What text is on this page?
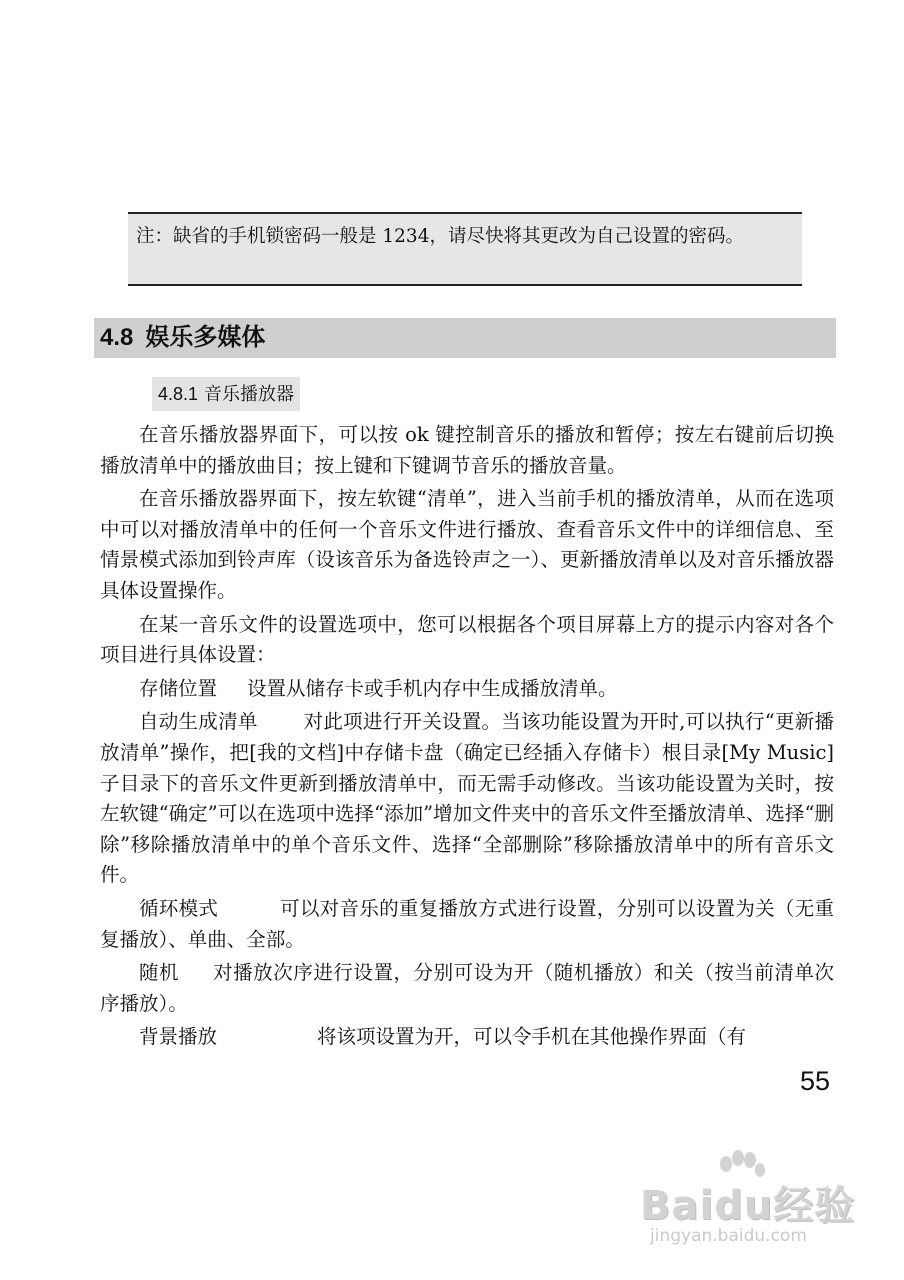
注：缺省的手机锁密码一般是 1234，请尽快将其更改为自己设置的密码。
4.8 娱乐多媒体
4.8.1 音乐播放器

在音乐播放器界面下，可以按 ok 键控制音乐的播放和暂停；按左右键前后切换播放清单中的播放曲目；按上键和下键调节音乐的播放音量。

在音乐播放器界面下，按左软键“清单”，进入当前手机的播放清单，从而在选项中可以对播放清单中的任何一个音乐文件进行播放、查看音乐文件中的详细信息、至情景模式添加到铃声库（设该音乐为备选铃声之一）、更新播放清单以及对音乐播放器具体设置操作。

在某一音乐文件的设置选项中，您可以根据各个项目屏幕上方的提示内容对各个项目进行具体设置：

存储位置 设置从储存卡或手机内存中生成播放清单。

自动生成清单 对此项进行开关设置。当该功能设置为开时,可以执行“更新播放清单”操作，把[我的文档]中存储卡盘（确定已经插入存储卡）根目录[My Music]子目录下的音乐文件更新到播放清单中，而无需手动修改。当该功能设置为关时，按左软键“确定”可以在选项中选择“添加”增加文件夹中的音乐文件至播放清单、选择“删除”移除播放清单中的单个音乐文件、选择“全部删除”移除播放清单中的所有音乐文件。

循环模式	可以对音乐的重复播放方式进行设置，分别可以设置为关（无重复播放）、单曲、全部。

随机 对播放次序进行设置，分别可设为开（随机播放）和关（按当前清单次序播放）。

背景播放	将该项设置为开，可以令手机在其他操作界面（有

55
Baidu经验
jingyan.baidu.com
